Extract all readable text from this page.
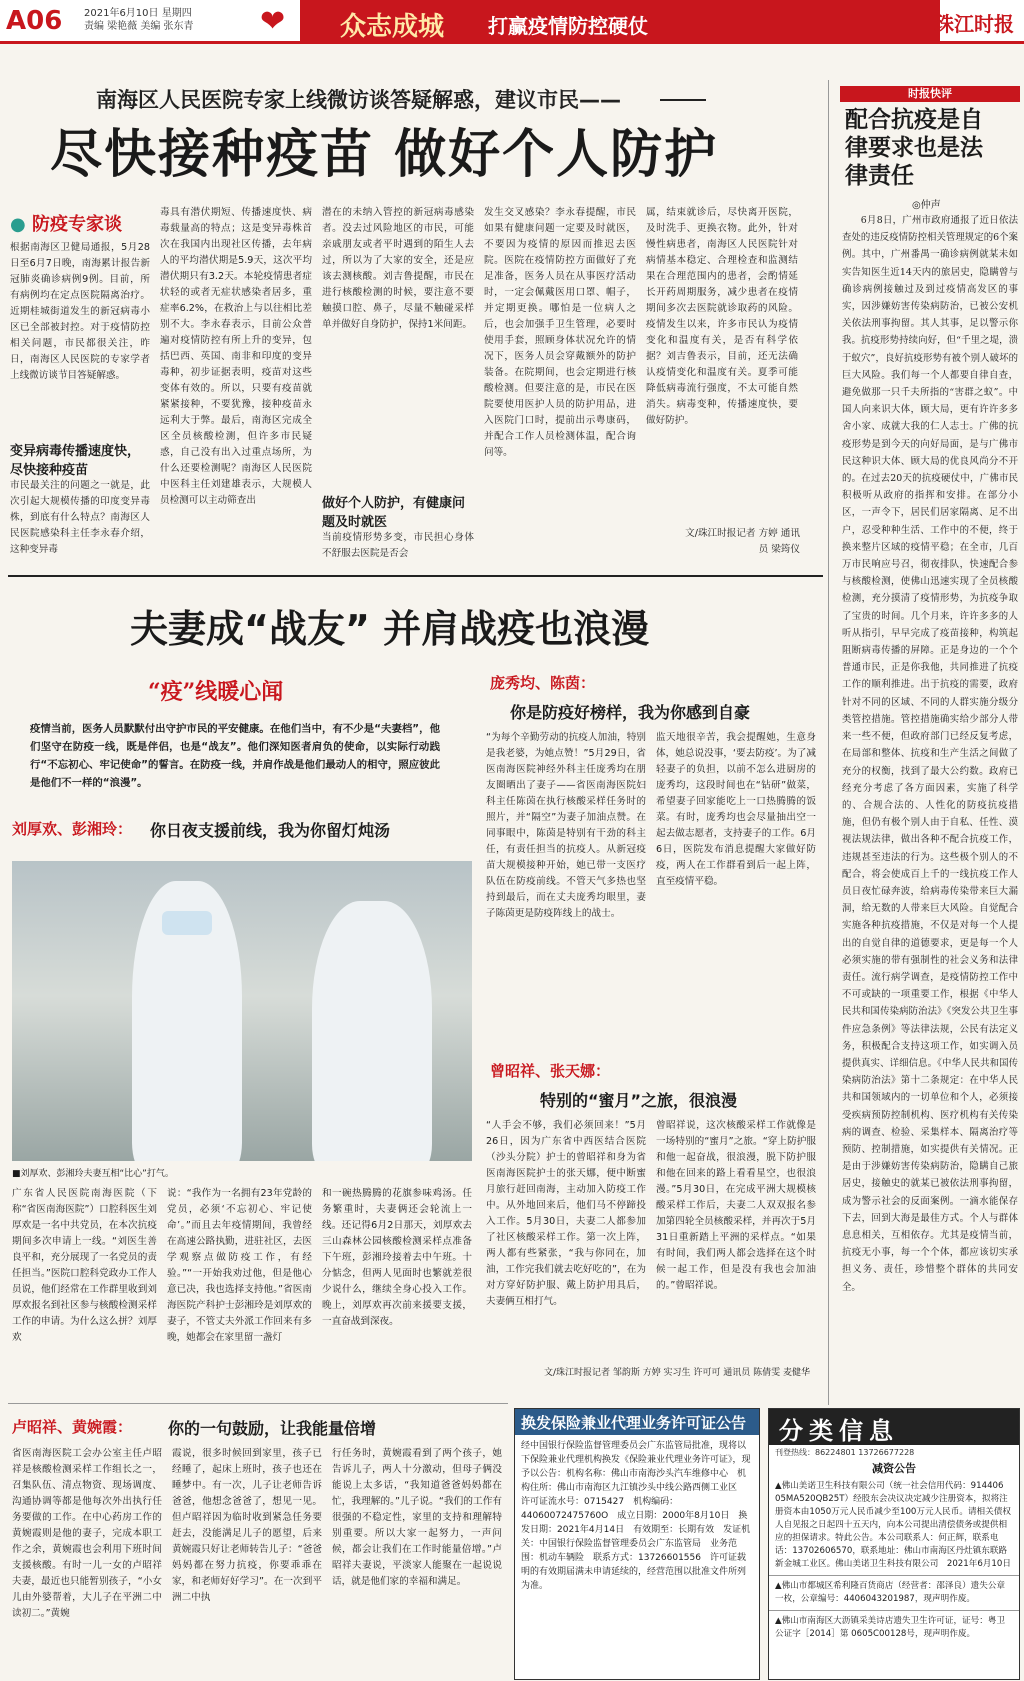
A06 2021年6月10日 星期四
责编 梁艳薇 美编 张东青 ❤	众志成城 打赢疫情防控硬仗	珠江时报
南海区人民医院专家上线微访谈答疑解惑，建议市民——
尽快接种疫苗 做好个人防护
● 防疫专家谈
根据南海区卫健局通报，5月28日至6月7日晚，南海累计报告新冠肺炎确诊病例9例。目前，所有病例均在定点医院隔离治疗。近期桂城街道发生的新冠病毒小区已全部被封控。对于疫情防控相关问题，市民都很关注，昨日，南海区人民医院的专家学者上线微访谈节目答疑解惑。
变异病毒传播速度快，尽快接种疫苗
市民最关注的问题之一就是，此次引起大规模传播的印度变异毒株，到底有什么特点？南海区人民医院感染科主任李永春介绍，这种变异毒
毒具有潜伏期短、传播速度快、病毒载量高的特点；这是变异毒株首次在我国内出现社区传播，去年病人的平均潜伏期是5.9天，这次平均潜伏期只有3.2天。本轮疫情患者症状轻的或者无症状感染者居多，重症率6.2%，在救治上与以往相比差别不大。李永春表示，目前公众普遍对疫情防控有所上升的变异，包括巴西、英国、南非和印度的变异毒种，初步证据表明，疫苗对这些变体有效的。所以，只要有疫苗就紧紧接种，不要犹豫，接种疫苗永远利大于弊。最后，南海区完成全区全员核酸检测，但许多市民疑惑，自己没有出入过重点场所，为什么还要检测呢？南海区人民医院中医科主任刘建雄表示，大规模人员检测可以主动筛查出
潜在的未纳入管控的新冠病毒感染者。没去过风险地区的市民，可能亲戚朋友或者平时遇到的陌生人去过，所以为了大家的安全，还是应该去测核酸。刘吉鲁提醒，市民在进行核酸检测的时候，要注意不要触摸口腔、鼻子，尽量不触碰采样单并做好自身防护，保持1米间距。
做好个人防护，有健康问题及时就医
当前疫情形势多变，市民担心身体不舒服去医院是否会
发生交叉感染？李永春提醒，市民如果有健康问题一定要及时就医，不要因为疫情的原因而推迟去医院。医院在疫情防控方面做好了充足准备，医务人员在从事医疗活动时，一定会佩戴医用口罩、帽子，并定期更换。哪怕是一位病人之后，也会加强手卫生管理，必要时使用手套，照顾身体状况允许的情况下，医务人员会穿戴额外的防护装备。在院期间，也会定期进行核酸检测。但要注意的是，市民在医院要使用医护人员的防护用品，进入医院门口时，提前出示粤康码，并配合工作人员检测体温，配合询问等。
属，结束就诊后，尽快离开医院，及时洗手、更换衣物。此外，针对慢性病患者，南海区人民医院针对病情基本稳定、合理检查和监测结果在合理范围内的患者，会酌情延长开药周期服务，减少患者在疫情期间多次去医院就诊取药的风险。疫情发生以来，许多市民认为疫情变化和温度有关，是否有科学依据？刘吉鲁表示，目前，还无法确认疫情变化和温度有关。夏季可能降低病毒流行强度，不太可能自然消失。病毒变种，传播速度快，要做好防护。
文/珠江时报记者 方婷 通讯员 梁筠仪
时报快评
配合抗疫是自律要求也是法律责任
◎仲声
6月8日，广州市政府通报了近日依法查处的违反疫情防控相关管理规定的6个案例。其中，广州番禺一确诊病例就某未如实告知医生近14天内的旅居史，隐瞒曾与确诊病例接触过及到过疫情高发区的事实，因涉嫌妨害传染病防治，已被公安机关依法刑事拘留。其人其事，足以警示你我。抗疫形势持续向好，但“千里之堤，溃于蚁穴”，良好抗疫形势有被个别人破坏的巨大风险。我们每一个人都要自律自查，避免做那一只千夫所指的“害群之蚁”。中国人向来识大体，顾大局，更有许许多多舍小家、成就大我的仁人志士。广佛的抗疫形势是到今天的向好局面，是与广佛市民这种识大体、顾大局的优良风尚分不开的。在过去20天的抗疫硬仗中，广佛市民积极听从政府的指挥和安排。在部分小区，一声令下，居民们居家隔离、足不出户，忍受种种生活、工作中的不便，终于换来整片区域的疫情平稳；在全市，几百万市民响应号召，彻夜排队，快速配合参与核酸检测，使佛山迅速实现了全员核酸检测，充分摸清了疫情形势，为抗疫争取了宝贵的时间。几个月来，许许多多的人听从指引，早早完成了疫苗接种，构筑起阻断病毒传播的屏障。正是身边的一个个普通市民，正是你我他，共同推进了抗疫工作的顺利推进。出于抗疫的需要，政府针对不同的区域、不同的人群实施分级分类管控措施。管控措施确实给少部分人带来一些不便，但政府部门已经反复考虑，在局部和整体、抗疫和生产生活之间做了充分的权衡，找到了最大公约数。政府已经充分考虑了各方面因素，实施了科学的、合规合法的、人性化的防疫抗疫措施，但仍有极个别人由于自私、任性、漠视法规法律，做出各种不配合抗疫工作，违规甚至违法的行为。这些极个别人的不配合，将会使成百上千的一线抗疫工作人员日夜忙碌奔波，给病毒传染带来巨大漏洞，给无数的人带来巨大风险。自觉配合实施各种抗疫措施，不仅是对每一个人提出的自觉自律的道德要求，更是每一个人必须实施的带有强制性的社会义务和法律责任。流行病学调查，是疫情防控工作中不可或缺的一项重要工作，根据《中华人民共和国传染病防治法》《突发公共卫生事件应急条例》等法律法规，公民有法定义务，积极配合支持这项工作，如实调入员提供真实、详细信息。《中华人民共和国传染病防治法》第十二条规定：在中华人民共和国领域内的一切单位和个人，必须接受疾病预防控制机构、医疗机构有关传染病的调查、检验、采集样本、隔离治疗等预防、控制措施，如实提供有关情况。正是由于涉嫌妨害传染病防治，隐瞒自己旅居史，接触史的就某已被依法刑事拘留，成为警示社会的反面案例。一滴水能保存下去，回到大海是最佳方式。个人与群体息息相关，互相依存。尤其是疫情当前，抗疫无小事，每一个个体，都应该切实承担义务、责任，珍惜整个群体的共同安全。
夫妻成“战友” 并肩战疫也浪漫
“疫”线暖心闻
疫情当前，医务人员默默付出守护市民的平安健康。在他们当中，有不少是“夫妻档”，他们坚守在防疫一线，既是伴侣，也是“战友”。他们深知医者肩负的使命，以实际行动践行“不忘初心、牢记使命”的誓言。在防疫一线，并肩作战是他们最动人的相守，照应彼此是他们不一样的“浪漫”。
刘厚欢、彭湘玲： 你日夜支援前线，我为你留灯炖汤
■刘厚欢、彭湘玲夫妻互相“比心”打气。
广东省人民医院南海医院（下称“省医南海医院”）口腔科医生刘厚欢是一名中共党员，在本次抗疫期间多次申请上一线。“刘医生善良平和，充分展现了一名党员的责任担当。”医院口腔科党政办工作人员说，他们经常在工作群里收到刘厚欢报名到社区参与核酸检测采样工作的申请。为什么这么拼？刘厚欢
说：“我作为一名拥有23年党龄的党员，必须‘不忘初心、牢记使命’。”而且去年疫情期间，我曾经在高速公路执勤，进驻社区，去医学观察点做防疫工作，有经验。”“一开始我劝过他，但是他心意已决，我也选择支持他。”省医南海医院产科护士彭湘玲是刘厚欢的妻子，不管丈夫外派工作回来有多晚，她都会在家里留一盏灯
和一碗热腾腾的花旗参味鸡汤。任务繁重时，夫妻俩还会轮流上一线。还记得6月2日那天，刘厚欢去三山森林公园核酸检测采样点准备下午班，彭湘玲接着去中午班。十分惦念，但两人见面时也繁就差很少说什么，继续全身心投入工作。晚上，刘厚欢再次前来援要支援，一直奋战到深夜。
庞秀均、陈茵：
你是防疫好榜样，我为你感到自豪
“为每个辛勤劳动的抗疫人加油，特别是我老婆，为她点赞！”5月29日，省医南海医院神经外科主任庞秀均在朋友圈晒出了妻子——省医南海医院妇科主任陈茵在执行核酸采样任务时的照片，并“隔空”为妻子加油点赞。在同事眼中，陈茵是特别有干劲的科主任，有责任担当的抗疫人。从新冠疫苗大规模接种开始，她已带一支医疗队伍在防疫前线。不管天气多热也坚持到最后，而在丈夫庞秀均眼里，妻子陈茵更是防疫阵线上的战士。
监天地很辛苦，我会提醒她，生意身体，她总说没事，‘要去防疫’。为了减轻妻子的负担，以前不怎么进厨房的庞秀均，这段时间也在“钻研”做菜，希望妻子回家能吃上一口热腾腾的饭菜。有时，庞秀均也会尽量抽出空一起去做志愿者，支持妻子的工作。6月6日，医院发布消息提醒大家做好防疫，两人在工作群看到后一起上阵，直至疫情平稳。
曾昭祥、张天娜：
特别的“蜜月”之旅，很浪漫
“人手会不够，我们必须回来！”5月26日，因为广东省中西医结合医院（沙头分院）护士的曾昭祥和身为省医南海医院护士的张天娜，便中断蜜月旅行赶回南海，主动加入防疫工作中。从外地回来后，他们马不停蹄投入工作。5月30日，夫妻二人都参加了社区核酸采样工作。第一次上阵，两人都有些紧张，“我与你同在，加油，工作完我们就去吃好吃的”，在为对方穿好防护服、戴上防护用具后，夫妻俩互相打气。
曾昭祥说，这次核酸采样工作就像是一场特别的“蜜月”之旅。“穿上防护服和他一起奋战，很浪漫，脱下防护服和他在回来的路上看看星空，也很浪漫。”5月30日，在完成平洲大规模核酸采样工作后，夫妻二人双双报名参加第四轮全员核酸采样，并再次于5月31日重新踏上平洲的采样点。“如果有时间，我们两人都会选择在这个时候一起工作，但是没有我也会加油的。”曾昭祥说。
文/珠江时报记者 邹韵斯 方婷 实习生 许可可 通讯员 陈倩雯 麦健华
卢昭祥、黄婉霞： 你的一句鼓励，让我能量倍增
省医南海医院工会办公室主任卢昭祥是核酸检测采样工作组长之一，召集队伍、清点物资、现场调度、沟通协调等都是他每次外出执行任务要做的工作。在中心药房工作的黄婉霞则是他的妻子，完成本职工作之余，黄婉霞也会利用下班时间支援核酸。有时一儿一女的卢昭祥夫妻，最近也只能暂别孩子，“小女儿由外婆帮着，大儿子在平洲二中读初二。”黄婉
霞说，很多时候回到家里，孩子已经睡了，起床上班时，孩子也还在睡梦中。有一次，儿子让老师告诉爸爸，他想念爸爸了，想见一见。但卢昭祥因为临时收到紧急任务要赶去，没能满足儿子的愿望，后来黄婉霞只好让老师转告儿子：“爸爸妈妈都在努力抗疫，你要乖乖在家，和老师好好学习”。在一次到平洲二中执
行任务时，黄婉霞看到了两个孩子，她告诉儿子，两人十分激动，但母子俩没能说上太多话，“我知道爸爸妈妈都在忙，我理解的。”儿子说。“我们的工作有很强的不稳定性，家里的支持和理解特别重要。所以大家一起努力，一声问候，都会让我们在工作时能量倍增。”卢昭祥夫妻说，平淡家人能聚在一起说说话，就是他们家的幸福和满足。
换发保险兼业代理业务许可证公告
经中国银行保险监督管理委员会广东监管局批准，现将以下保险兼业代理机构换发《保险兼业代理业务许可证》，现予以公告：机构名称：佛山市南海沙头汽车维修中心　机构住所：佛山市南海区九江镇沙头中线公路西侧工业区　许可证流水号：0715427　机构编码：44060072475760O　成立日期：2000年8月10日　换发日期：2021年4月14日　有效期至：长期有效　发证机关：中国银行保险监督管理委员会广东监管局　业务范围：机动车辆险　联系方式：13726601556　许可证载明的有效期届满未申请延续的，经营范围以批准文件所列为准。
分类信息
刊登热线：86224801 13726677228
减资公告
▲佛山美诺卫生科技有限公司（统一社会信用代码：914406 05MA520QB25T）经股东会决议决定减少注册资本，拟将注册资本由1050万元人民币减少至100万元人民币。请相关债权人自见报之日起四十五天内，向本公司提出清偿债务或提供相应的担保请求。特此公告。本公司联系人：何正辉，联系电话：13702606570，联系地址：佛山市南海区丹灶镇东联路新金城工业区。佛山美诺卫生科技有限公司　2021年6月10日
▲佛山市都城区希利隆百货商店（经营者：邵泽良）遗失公章一枚，公章编号：4406043201987，现声明作废。
▲佛山市南海区大沥镇采美诗店遗失卫生许可证，证号：粤卫公证字［2014］第 0605C00128号，现声明作废。
